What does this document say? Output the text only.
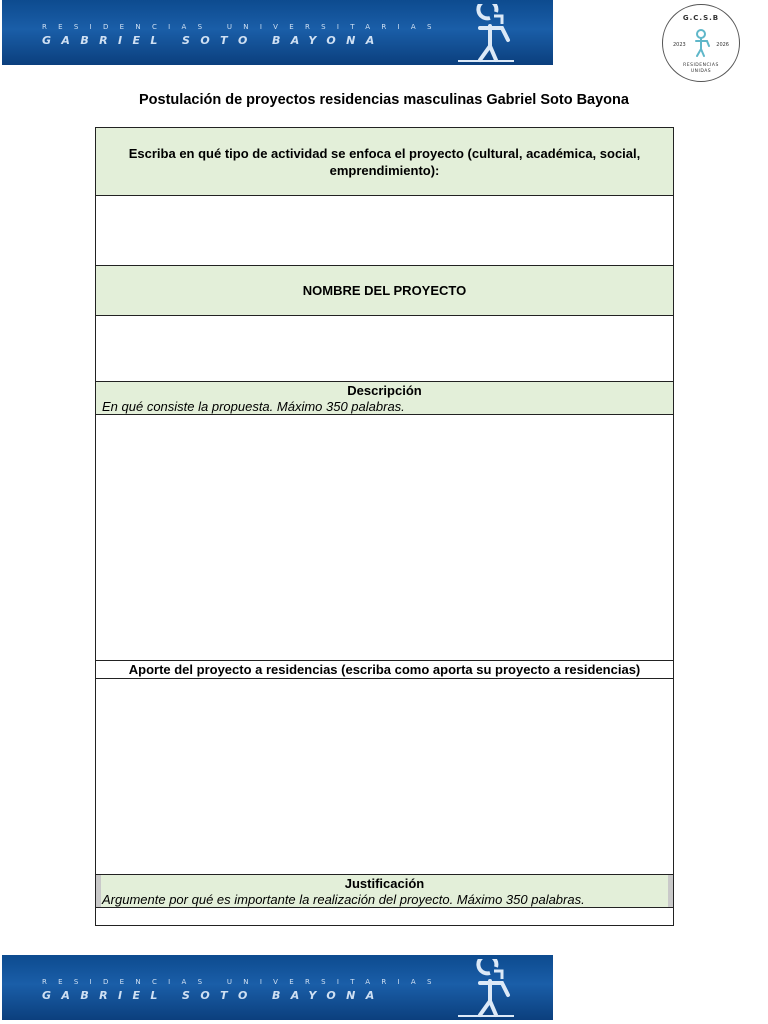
RESIDENCIAS UNIVERSITARIAS
GABRIEL SOTO BAYONA
G.C.S.B
2023	2026
RESIDENCIAS
UNIDAS
Postulación de proyectos residencias masculinas Gabriel Soto Bayona
Escriba en qué tipo de actividad se enfoca el proyecto (cultural, académica, social, emprendimiento):
NOMBRE DEL PROYECTO
Descripción
En qué consiste la propuesta. Máximo 350 palabras.
Aporte del proyecto a residencias (escriba como aporta su proyecto a residencias)
Justificación
Argumente por qué es importante la realización del proyecto. Máximo 350 palabras.
RESIDENCIAS UNIVERSITARIAS
GABRIEL SOTO BAYONA
